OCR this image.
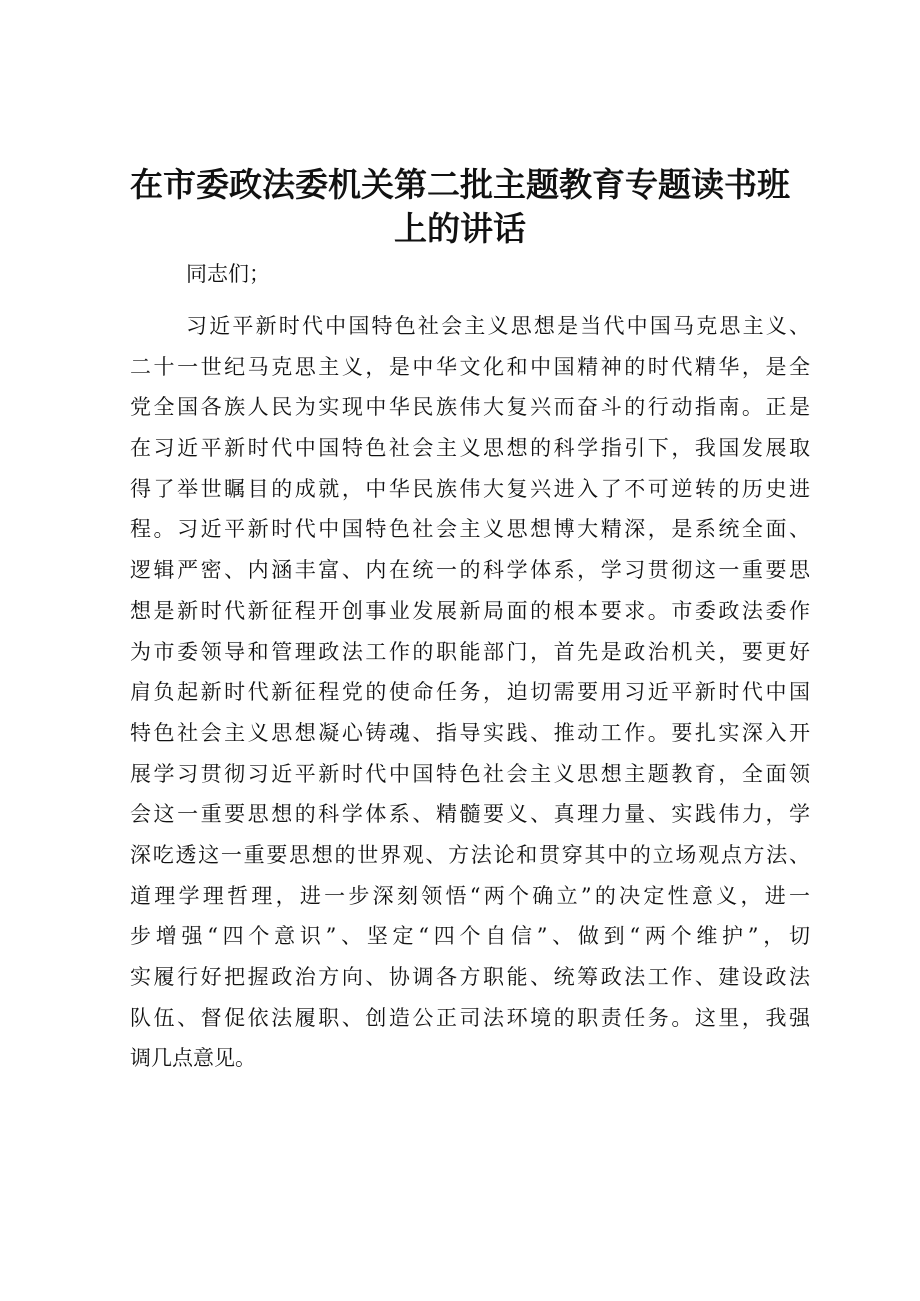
在市委政法委机关第二批主题教育专题读书班
上的讲话

同志们；

习近平新时代中国特色社会主义思想是当代中国马克思主义、
二十一世纪马克思主义，是中华文化和中国精神的时代精华，是全
党全国各族人民为实现中华民族伟大复兴而奋斗的行动指南。正是
在习近平新时代中国特色社会主义思想的科学指引下，我国发展取
得了举世瞩目的成就，中华民族伟大复兴进入了不可逆转的历史进
程。习近平新时代中国特色社会主义思想博大精深，是系统全面、
逻辑严密、内涵丰富、内在统一的科学体系，学习贯彻这一重要思
想是新时代新征程开创事业发展新局面的根本要求。市委政法委作
为市委领导和管理政法工作的职能部门，首先是政治机关，要更好
肩负起新时代新征程党的使命任务，迫切需要用习近平新时代中国
特色社会主义思想凝心铸魂、指导实践、推动工作。要扎实深入开
展学习贯彻习近平新时代中国特色社会主义思想主题教育，全面领
会这一重要思想的科学体系、精髓要义、真理力量、实践伟力，学
深吃透这一重要思想的世界观、方法论和贯穿其中的立场观点方法、
道理学理哲理，进一步深刻领悟“两个确立”的决定性意义，进一
步增强“四个意识”、坚定“四个自信”、做到“两个维护”，切
实履行好把握政治方向、协调各方职能、统筹政法工作、建设政法
队伍、督促依法履职、创造公正司法环境的职责任务。这里，我强
调几点意见。
